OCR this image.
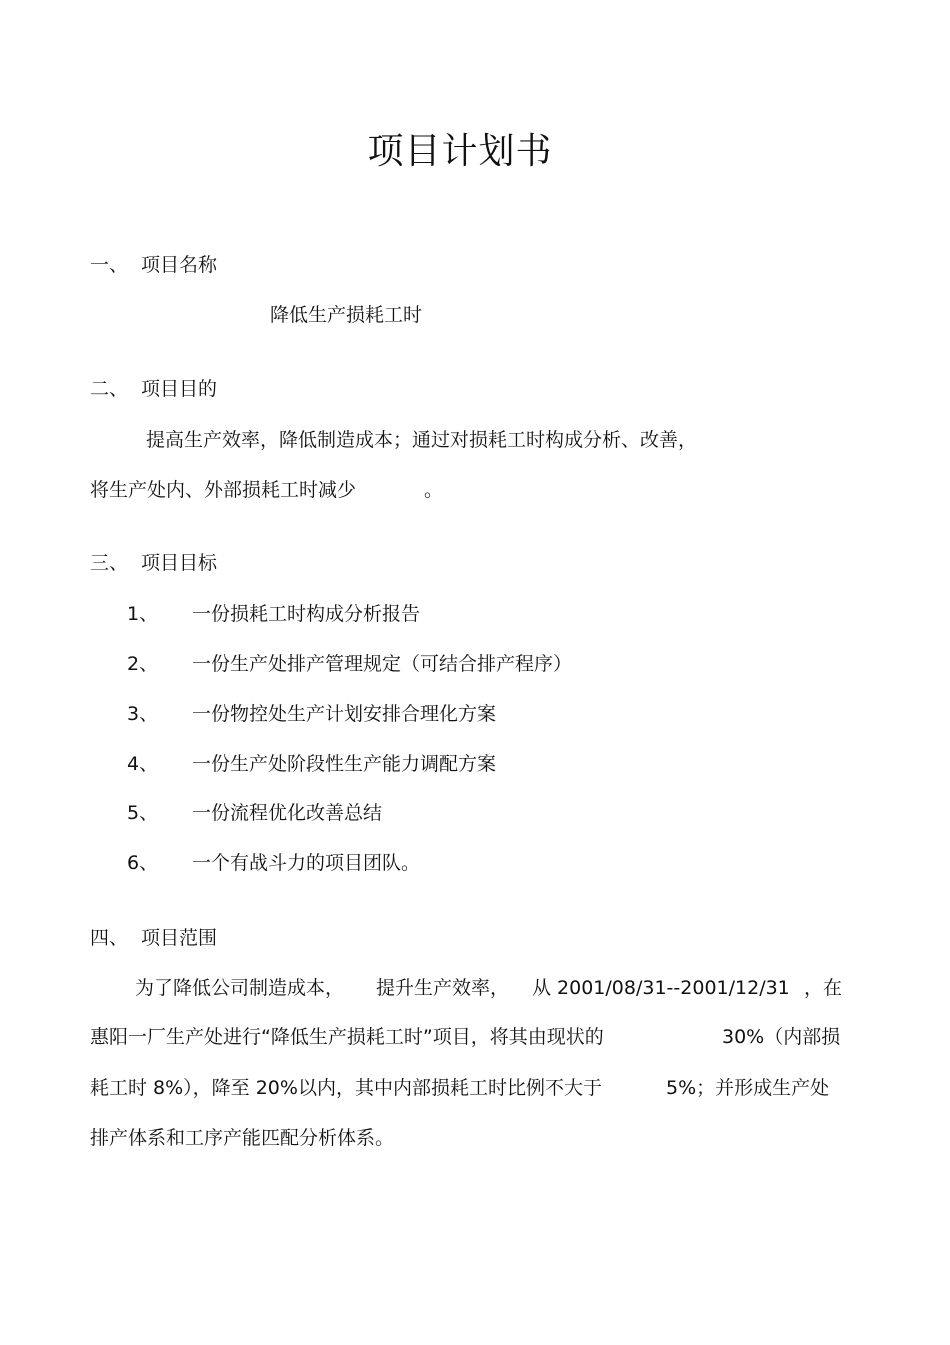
项目计划书
一、 项目名称
降低生产损耗工时
二、 项目目的
提高生产效率，降低制造成本；通过对损耗工时构成分析、改善，
将生产处内、外部损耗工时减少	。
三、 项目目标
1、 一份损耗工时构成分析报告
2、 一份生产处排产管理规定（可结合排产程序）
3、 一份物控处生产计划安排合理化方案
4、 一份生产处阶段性生产能力调配方案
5、 一份流程优化改善总结
6、 一个有战斗力的项目团队。
四、 项目范围
为了降低公司制造成本， 提升生产效率， 从 2001/08/31--2001/12/31 ，在
惠阳一厂生产处进行“降低生产损耗工时”项目，将其由现状的	30%（内部损
耗工时 8%），降至 20%以内，其中内部损耗工时比例不大于	5%；并形成生产处
排产体系和工序产能匹配分析体系。
